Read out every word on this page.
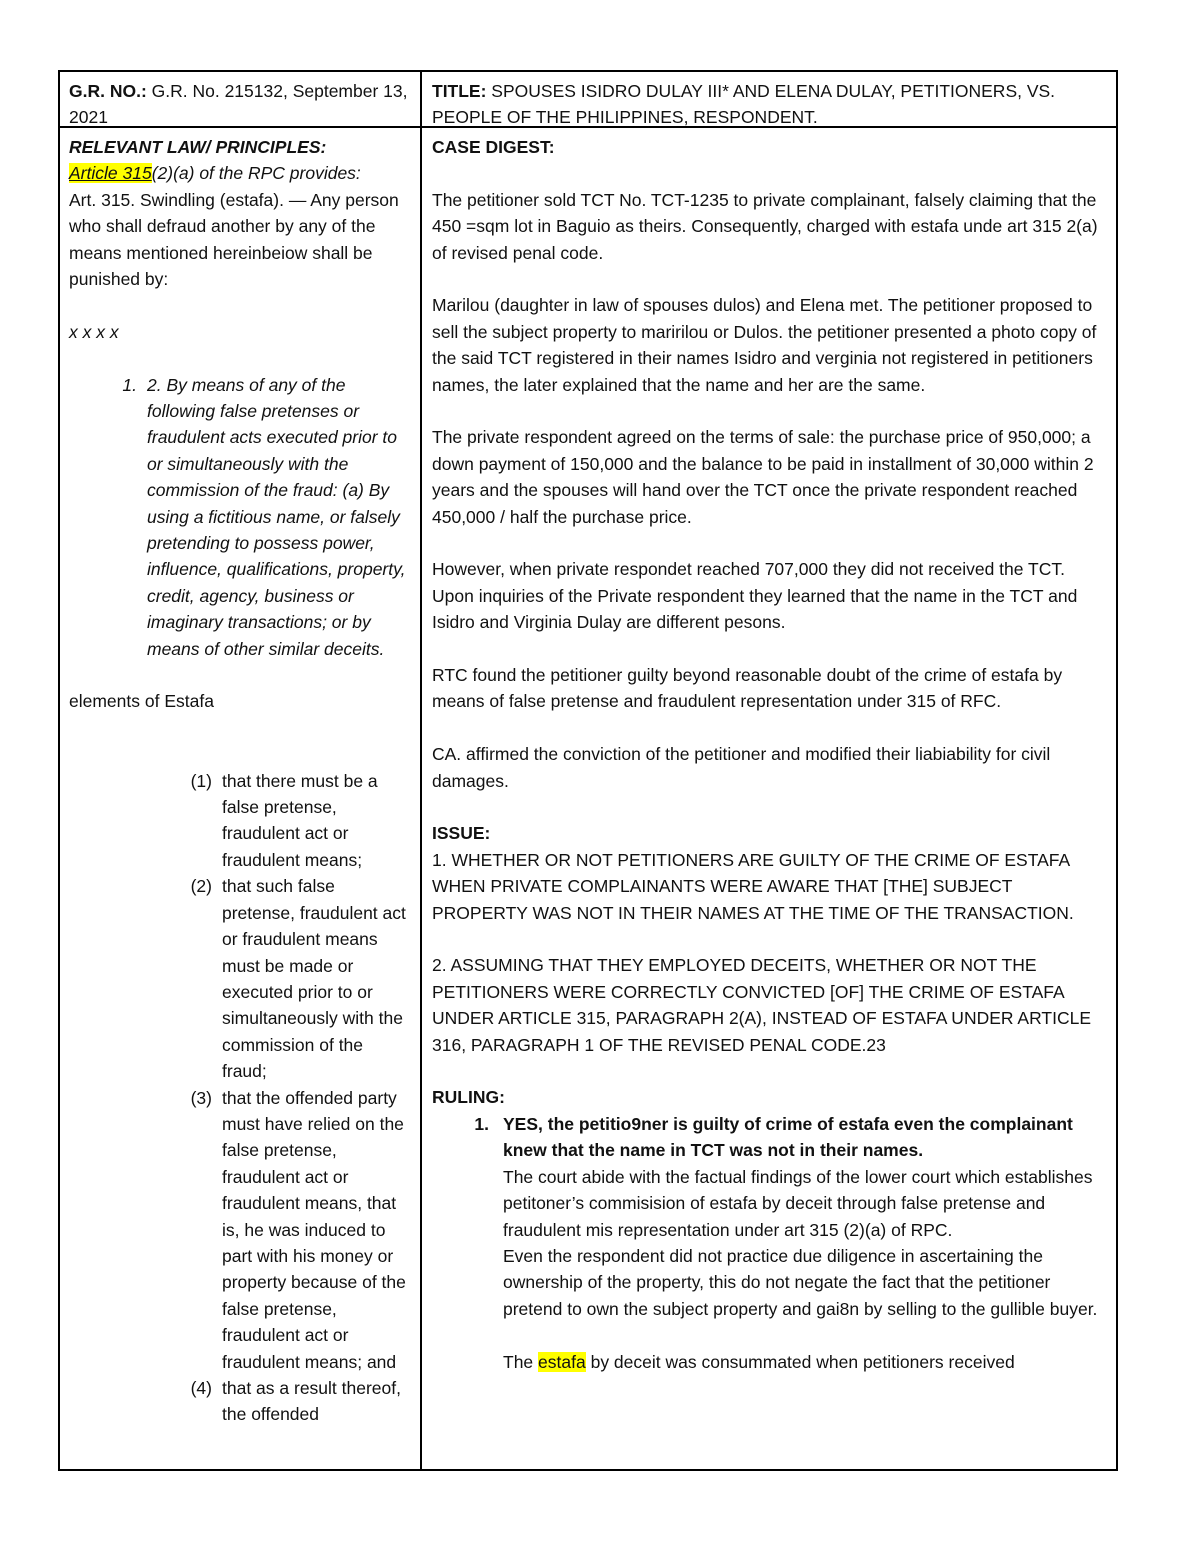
G.R. NO.: G.R. No. 215132, September 13, 2021
TITLE: SPOUSES ISIDRO DULAY III* AND ELENA DULAY, PETITIONERS, VS. PEOPLE OF THE PHILIPPINES, RESPONDENT.
RELEVANT LAW/ PRINCIPLES:
Article 315(2)(a) of the RPC provides:
Art. 315. Swindling (estafa). — Any person who shall defraud another by any of the means mentioned hereinbeiow shall be punished by:
x x x x
1. 2. By means of any of the following false pretenses or fraudulent acts executed prior to or simultaneously with the commission of the fraud: (a) By using a fictitious name, or falsely pretending to possess power, influence, qualifications, property, credit, agency, business or imaginary transactions; or by means of other similar deceits.
elements of Estafa
(1) that there must be a false pretense, fraudulent act or fraudulent means;
(2) that such false pretense, fraudulent act or fraudulent means must be made or executed prior to or simultaneously with the commission of the fraud;
(3) that the offended party must have relied on the false pretense, fraudulent act or fraudulent means, that is, he was induced to part with his money or property because of the false pretense, fraudulent act or fraudulent means; and
(4) that as a result thereof, the offended
CASE DIGEST:
The petitioner sold TCT No. TCT-1235 to private complainant, falsely claiming that the 450 =sqm lot in Baguio as theirs. Consequently, charged with estafa unde art 315 2(a) of revised penal code.
Marilou (daughter in law of spouses dulos) and Elena met. The petitioner proposed to sell the subject property to maririlou or Dulos. the petitioner presented a photo copy of the said TCT registered in their names Isidro and verginia not registered in petitioners names, the later explained that the name and her are the same.
The private respondent agreed on the terms of sale: the purchase price of 950,000; a down payment of 150,000 and the balance to be paid in installment of 30,000 within 2 years and the spouses will hand over the TCT once the private respondent reached 450,000 / half the purchase price.
However, when private respondet reached 707,000 they did not received the TCT. Upon inquiries of the Private respondent they learned that the name in the TCT and Isidro and Virginia Dulay are different pesons.
RTC found the petitioner guilty beyond reasonable doubt of the crime of estafa by means of false pretense and fraudulent representation under 315 of RFC.
CA. affirmed the conviction of the petitioner and modified their liabiability for civil damages.
ISSUE:
1. WHETHER OR NOT PETITIONERS ARE GUILTY OF THE CRIME OF ESTAFA WHEN PRIVATE COMPLAINANTS WERE AWARE THAT [THE] SUBJECT PROPERTY WAS NOT IN THEIR NAMES AT THE TIME OF THE TRANSACTION.
2. ASSUMING THAT THEY EMPLOYED DECEITS, WHETHER OR NOT THE PETITIONERS WERE CORRECTLY CONVICTED [OF] THE CRIME OF ESTAFA UNDER ARTICLE 315, PARAGRAPH 2(A), INSTEAD OF ESTAFA UNDER ARTICLE 316, PARAGRAPH 1 OF THE REVISED PENAL CODE.23
RULING:
1. YES, the petitio9ner is guilty of crime of estafa even the complainant knew that the name in TCT was not in their names.
The court abide with the factual findings of the lower court which establishes petitoner’s commisision of estafa by deceit through false pretense and fraudulent mis representation under art 315 (2)(a) of RPC.
Even the respondent did not practice due diligence in ascertaining the ownership of the property, this do not negate the fact that the petitioner pretend to own the subject property and gai8n by selling to the gullible buyer.

The estafa by deceit was consummated when petitioners received
